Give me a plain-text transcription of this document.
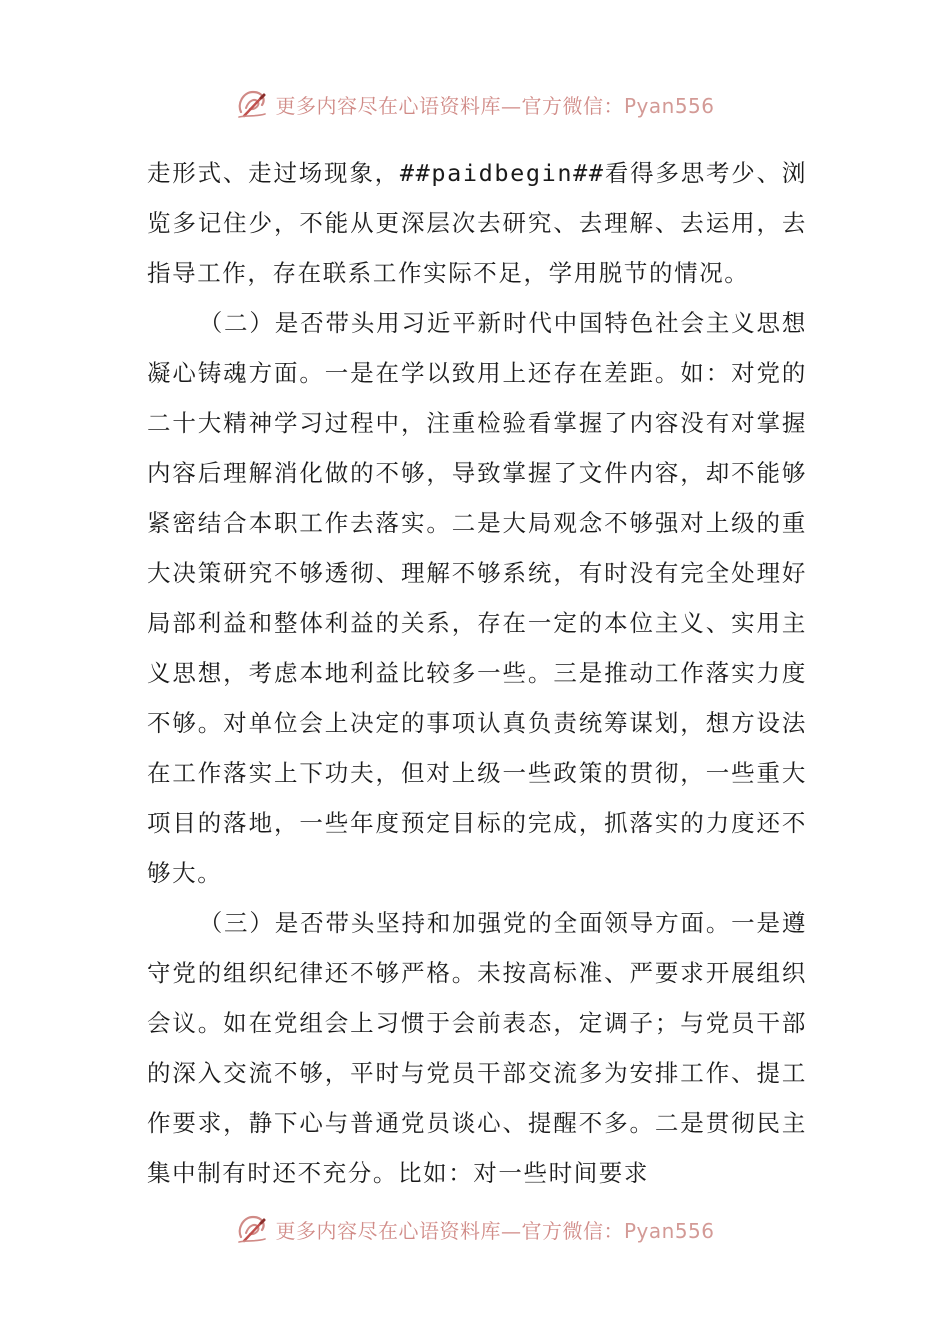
更多内容尽在心语资料库—官方微信：Pyan556

走形式、走过场现象，##paidbegin##看得多思考少、浏览多记住少，不能从更深层次去研究、去理解、去运用，去指导工作，存在联系工作实际不足，学用脱节的情况。

（二）是否带头用习近平新时代中国特色社会主义思想凝心铸魂方面。一是在学以致用上还存在差距。如：对党的二十大精神学习过程中，注重检验看掌握了内容没有对掌握内容后理解消化做的不够，导致掌握了文件内容，却不能够紧密结合本职工作去落实。二是大局观念不够强对上级的重大决策研究不够透彻、理解不够系统，有时没有完全处理好局部利益和整体利益的关系，存在一定的本位主义、实用主义思想，考虑本地利益比较多一些。三是推动工作落实力度不够。对单位会上决定的事项认真负责统筹谋划，想方设法在工作落实上下功夫，但对上级一些政策的贯彻，一些重大项目的落地，一些年度预定目标的完成，抓落实的力度还不够大。

（三）是否带头坚持和加强党的全面领导方面。一是遵守党的组织纪律还不够严格。未按高标准、严要求开展组织会议。如在党组会上习惯于会前表态，定调子；与党员干部的深入交流不够，平时与党员干部交流多为安排工作、提工作要求，静下心与普通党员谈心、提醒不多。二是贯彻民主集中制有时还不充分。比如：对一些时间要求

更多内容尽在心语资料库—官方微信：Pyan556
